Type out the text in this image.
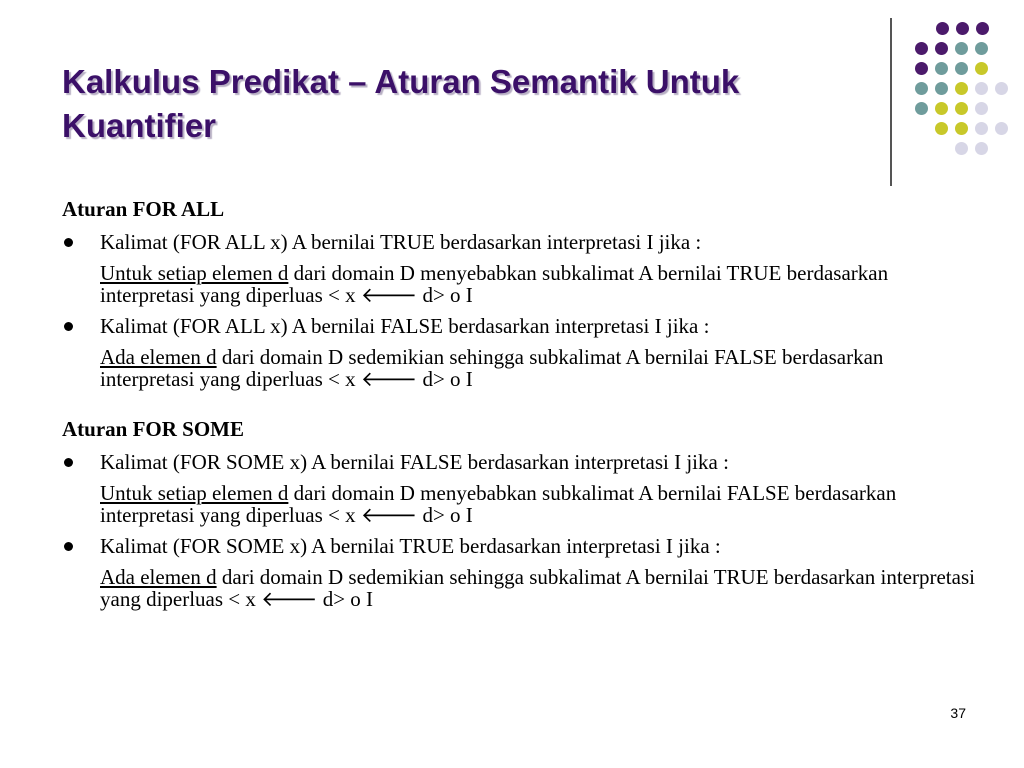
Kalkulus Predikat – Aturan Semantik Untuk Kuantifier
Aturan FOR ALL
Kalimat (FOR ALL x) A bernilai TRUE berdasarkan interpretasi I jika :
Untuk setiap elemen d dari domain D menyebabkan subkalimat A bernilai TRUE berdasarkan interpretasi yang diperluas < x 🡐 d> o I
Kalimat (FOR ALL x) A bernilai FALSE berdasarkan interpretasi I jika :
Ada elemen d dari domain D sedemikian sehingga subkalimat A bernilai FALSE berdasarkan interpretasi yang diperluas < x 🡐 d> o I
Aturan FOR SOME
Kalimat (FOR SOME x) A bernilai FALSE berdasarkan interpretasi I jika :
Untuk setiap elemen d dari domain D menyebabkan subkalimat A bernilai FALSE berdasarkan interpretasi yang diperluas < x 🡐 d> o I
Kalimat (FOR SOME x) A bernilai TRUE berdasarkan interpretasi I jika :
Ada elemen d dari domain D sedemikian sehingga subkalimat A bernilai TRUE berdasarkan interpretasi yang diperluas < x 🡐 d> o I
37
